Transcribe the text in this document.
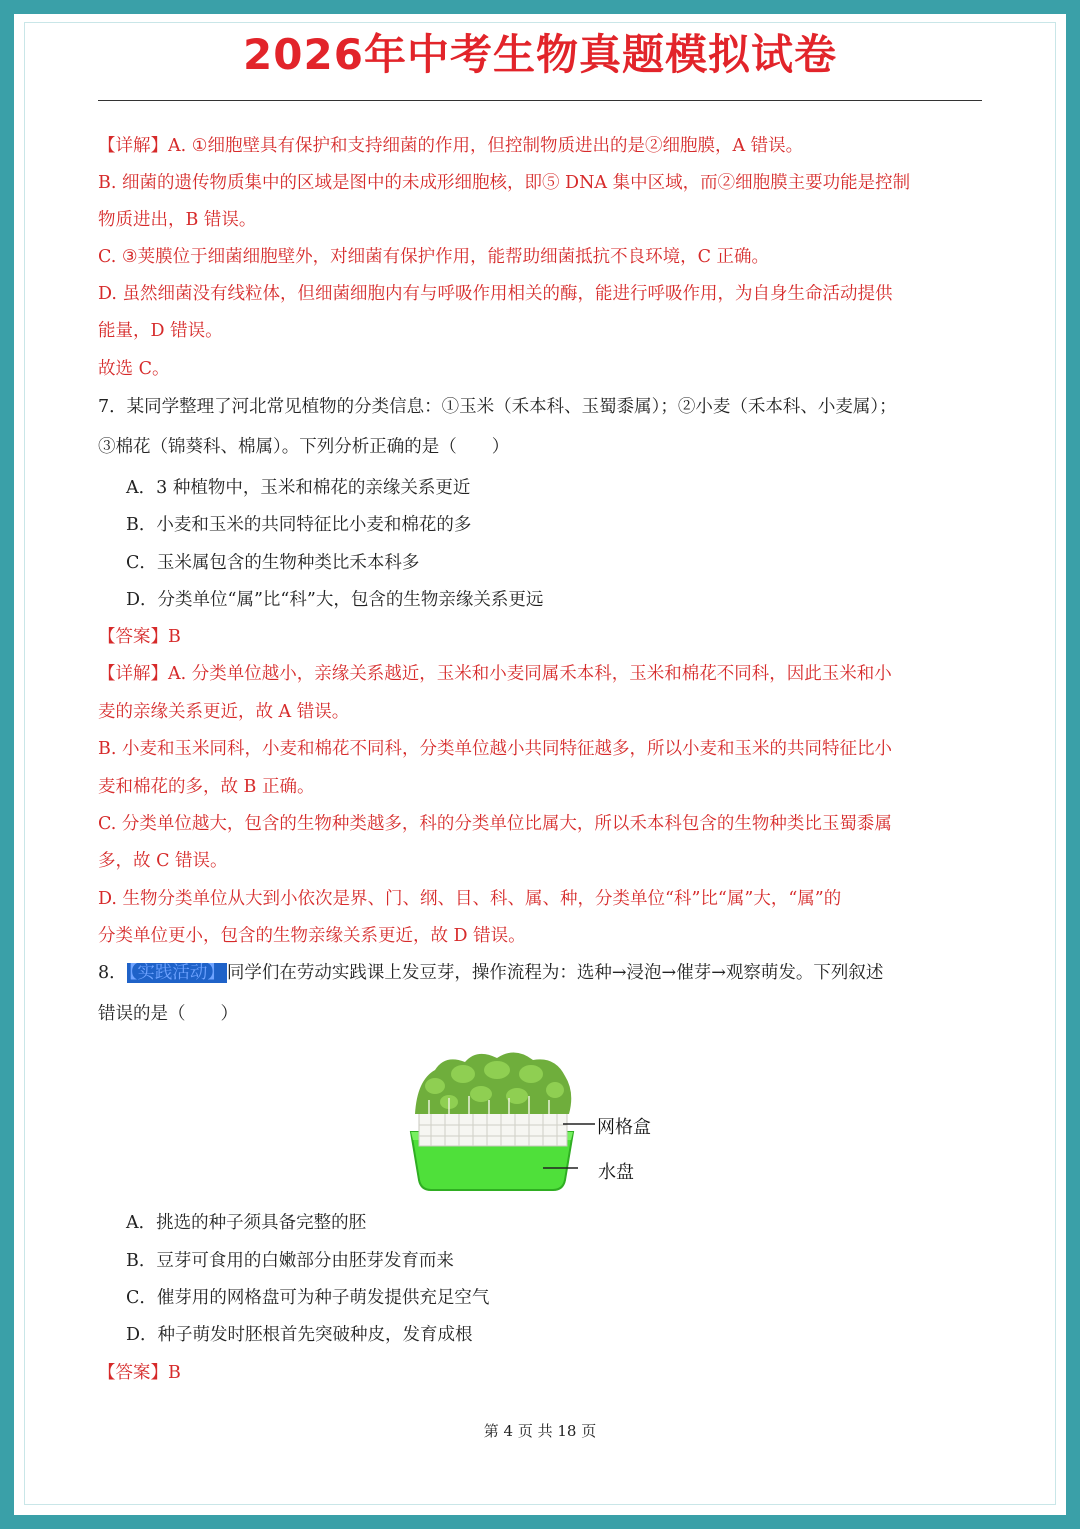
2026年中考生物真题模拟试卷
【详解】A. ①细胞壁具有保护和支持细菌的作用，但控制物质进出的是②细胞膜，A 错误。
B. 细菌的遗传物质集中的区域是图中的未成形细胞核，即⑤ DNA 集中区域，而②细胞膜主要功能是控制
物质进出，B 错误。
C. ③荚膜位于细菌细胞壁外，对细菌有保护作用，能帮助细菌抵抗不良环境，C 正确。
D. 虽然细菌没有线粒体，但细菌细胞内有与呼吸作用相关的酶，能进行呼吸作用，为自身生命活动提供
能量，D 错误。
故选 C。
7．某同学整理了河北常见植物的分类信息：①玉米（禾本科、玉蜀黍属）；②小麦（禾本科、小麦属）；
③棉花（锦葵科、棉属）。下列分析正确的是（　　）
A．3 种植物中，玉米和棉花的亲缘关系更近
B．小麦和玉米的共同特征比小麦和棉花的多
C．玉米属包含的生物种类比禾本科多
D．分类单位“属”比“科”大，包含的生物亲缘关系更远
【答案】B
【详解】A. 分类单位越小，亲缘关系越近，玉米和小麦同属禾本科，玉米和棉花不同科，因此玉米和小
麦的亲缘关系更近，故 A 错误。
B. 小麦和玉米同科，小麦和棉花不同科，分类单位越小共同特征越多，所以小麦和玉米的共同特征比小
麦和棉花的多，故 B 正确。
C. 分类单位越大，包含的生物种类越多，科的分类单位比属大，所以禾本科包含的生物种类比玉蜀黍属
多，故 C 错误。
D. 生物分类单位从大到小依次是界、门、纲、目、科、属、种，分类单位“科”比“属”大，“属”的
分类单位更小，包含的生物亲缘关系更近，故 D 错误。
8． 【实践活动】 同学们在劳动实践课上发豆芽，操作流程为：选种→浸泡→催芽→观察萌发。下列叙述
错误的是（　　）
网格盒
水盘
A．挑选的种子须具备完整的胚
B．豆芽可食用的白嫩部分由胚芽发育而来
C．催芽用的网格盘可为种子萌发提供充足空气
D．种子萌发时胚根首先突破种皮，发育成根
【答案】B
第 4 页 共 18 页
